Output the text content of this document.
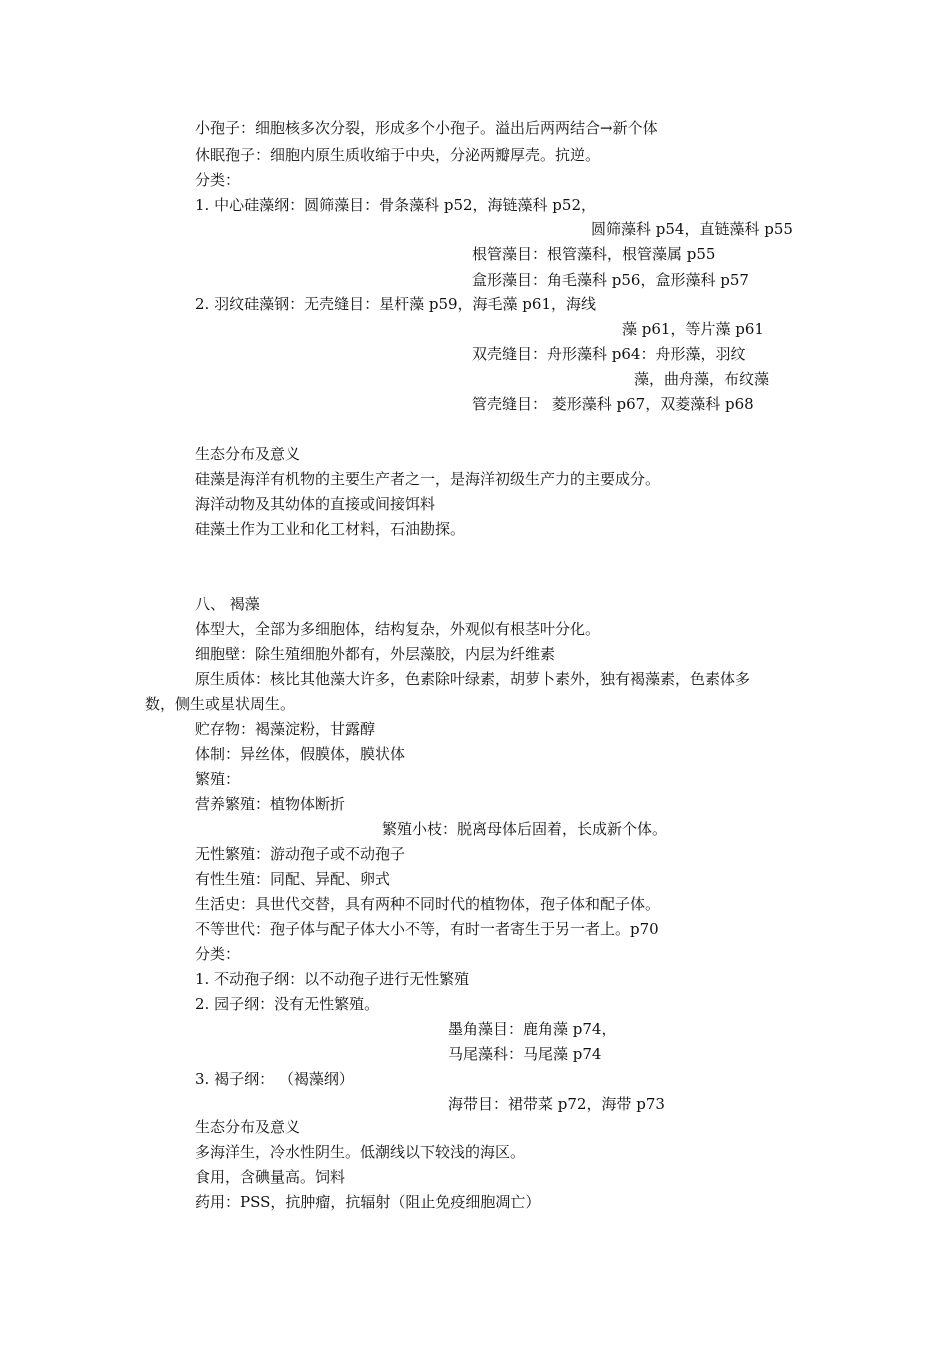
小孢子：细胞核多次分裂，形成多个小孢子。溢出后两两结合→新个体
休眠孢子：细胞内原生质收缩于中央，分泌两瓣厚壳。抗逆。
分类：
1. 中心硅藻纲：圆筛藻目：骨条藻科 p52，海链藻科 p52，
圆筛藻科 p54，直链藻科 p55
根管藻目：根管藻科，根管藻属 p55
盒形藻目：角毛藻科 p56，盒形藻科 p57
2. 羽纹硅藻钢：无壳缝目：星杆藻 p59，海毛藻 p61，海线
藻 p61，等片藻 p61
双壳缝目：舟形藻科 p64：舟形藻，羽纹
藻，曲舟藻，布纹藻
管壳缝目： 菱形藻科 p67，双菱藻科 p68
生态分布及意义
硅藻是海洋有机物的主要生产者之一，是海洋初级生产力的主要成分。
海洋动物及其幼体的直接或间接饵料
硅藻土作为工业和化工材料，石油勘探。
八、 褐藻
体型大，全部为多细胞体，结构复杂，外观似有根茎叶分化。
细胞壁：除生殖细胞外都有，外层藻胶，内层为纤维素
原生质体：核比其他藻大许多，色素除叶绿素，胡萝卜素外，独有褐藻素，色素体多
数，侧生或星状周生。
贮存物：褐藻淀粉，甘露醇
体制：异丝体，假膜体，膜状体
繁殖：
营养繁殖：植物体断折
繁殖小枝：脱离母体后固着，长成新个体。
无性繁殖：游动孢子或不动孢子
有性生殖：同配、异配、卵式
生活史：具世代交替，具有两种不同时代的植物体，孢子体和配子体。
不等世代：孢子体与配子体大小不等，有时一者寄生于另一者上。p70
分类：
1. 不动孢子纲：以不动孢子进行无性繁殖
2. 园子纲：没有无性繁殖。
墨角藻目：鹿角藻 p74，
马尾藻科：马尾藻 p74
3. 褐子纲： （褐藻纲）
海带目：裙带菜 p72，海带 p73
生态分布及意义
多海洋生，冷水性阴生。低潮线以下较浅的海区。
食用，含碘量高。饲料
药用：PSS，抗肿瘤，抗辐射（阻止免疫细胞凋亡）
